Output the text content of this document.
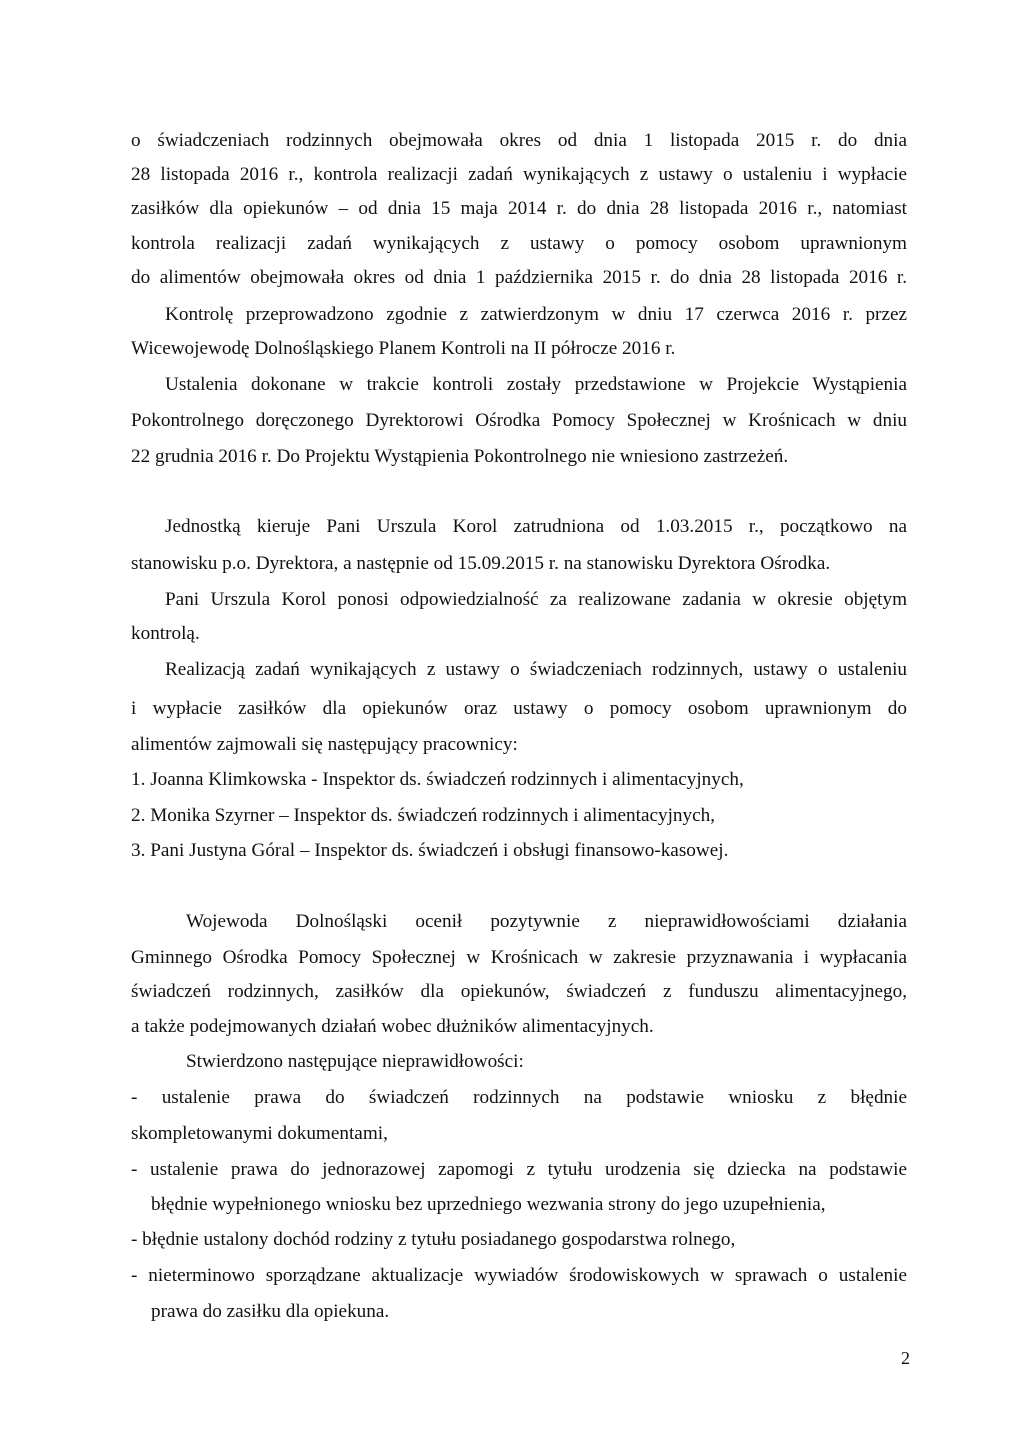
o świadczeniach rodzinnych obejmowała okres od dnia 1 listopada 2015 r. do dnia
28 listopada 2016 r., kontrola realizacji zadań wynikających z ustawy o ustaleniu i wypłacie
zasiłków dla opiekunów – od dnia 15 maja 2014 r. do dnia 28 listopada 2016 r., natomiast
kontrola realizacji zadań wynikających z ustawy o pomocy osobom uprawnionym
do alimentów obejmowała okres od dnia 1 października 2015 r. do dnia 28 listopada 2016 r.
Kontrolę przeprowadzono zgodnie z zatwierdzonym w dniu 17 czerwca 2016 r. przez
Wicewojewodę Dolnośląskiego Planem Kontroli na II półrocze 2016 r.
Ustalenia dokonane w trakcie kontroli zostały przedstawione w Projekcie Wystąpienia
Pokontrolnego doręczonego Dyrektorowi Ośrodka Pomocy Społecznej w Krośnicach w dniu
22 grudnia 2016 r. Do Projektu Wystąpienia Pokontrolnego nie wniesiono zastrzeżeń.
Jednostką kieruje Pani Urszula Korol zatrudniona od 1.03.2015 r., początkowo na
stanowisku p.o. Dyrektora, a następnie od 15.09.2015 r. na stanowisku Dyrektora Ośrodka.
Pani Urszula Korol ponosi odpowiedzialność za realizowane zadania w okresie objętym
kontrolą.
Realizacją zadań wynikających z ustawy o świadczeniach rodzinnych, ustawy o ustaleniu
i wypłacie zasiłków dla opiekunów oraz ustawy o pomocy osobom uprawnionym do
alimentów zajmowali się następujący pracownicy:
1. Joanna Klimkowska - Inspektor ds. świadczeń rodzinnych i alimentacyjnych,
2. Monika Szyrner – Inspektor ds. świadczeń rodzinnych i alimentacyjnych,
3. Pani Justyna Góral – Inspektor ds. świadczeń i obsługi finansowo-kasowej.
Wojewoda Dolnośląski ocenił pozytywnie z nieprawidłowościami działania
Gminnego Ośrodka Pomocy Społecznej w Krośnicach w zakresie przyznawania i wypłacania
świadczeń rodzinnych, zasiłków dla opiekunów, świadczeń z funduszu alimentacyjnego,
a także podejmowanych działań wobec dłużników alimentacyjnych.
Stwierdzono następujące nieprawidłowości:
- ustalenie prawa do świadczeń rodzinnych na podstawie wniosku z błędnie
skompletowanymi dokumentami,
- ustalenie prawa do jednorazowej zapomogi z tytułu urodzenia się dziecka na podstawie
błędnie wypełnionego wniosku bez uprzedniego wezwania strony do jego uzupełnienia,
- błędnie ustalony dochód rodziny z tytułu posiadanego gospodarstwa rolnego,
- nieterminowo sporządzane aktualizacje wywiadów środowiskowych w sprawach o ustalenie
prawa do zasiłku dla opiekuna.
2
